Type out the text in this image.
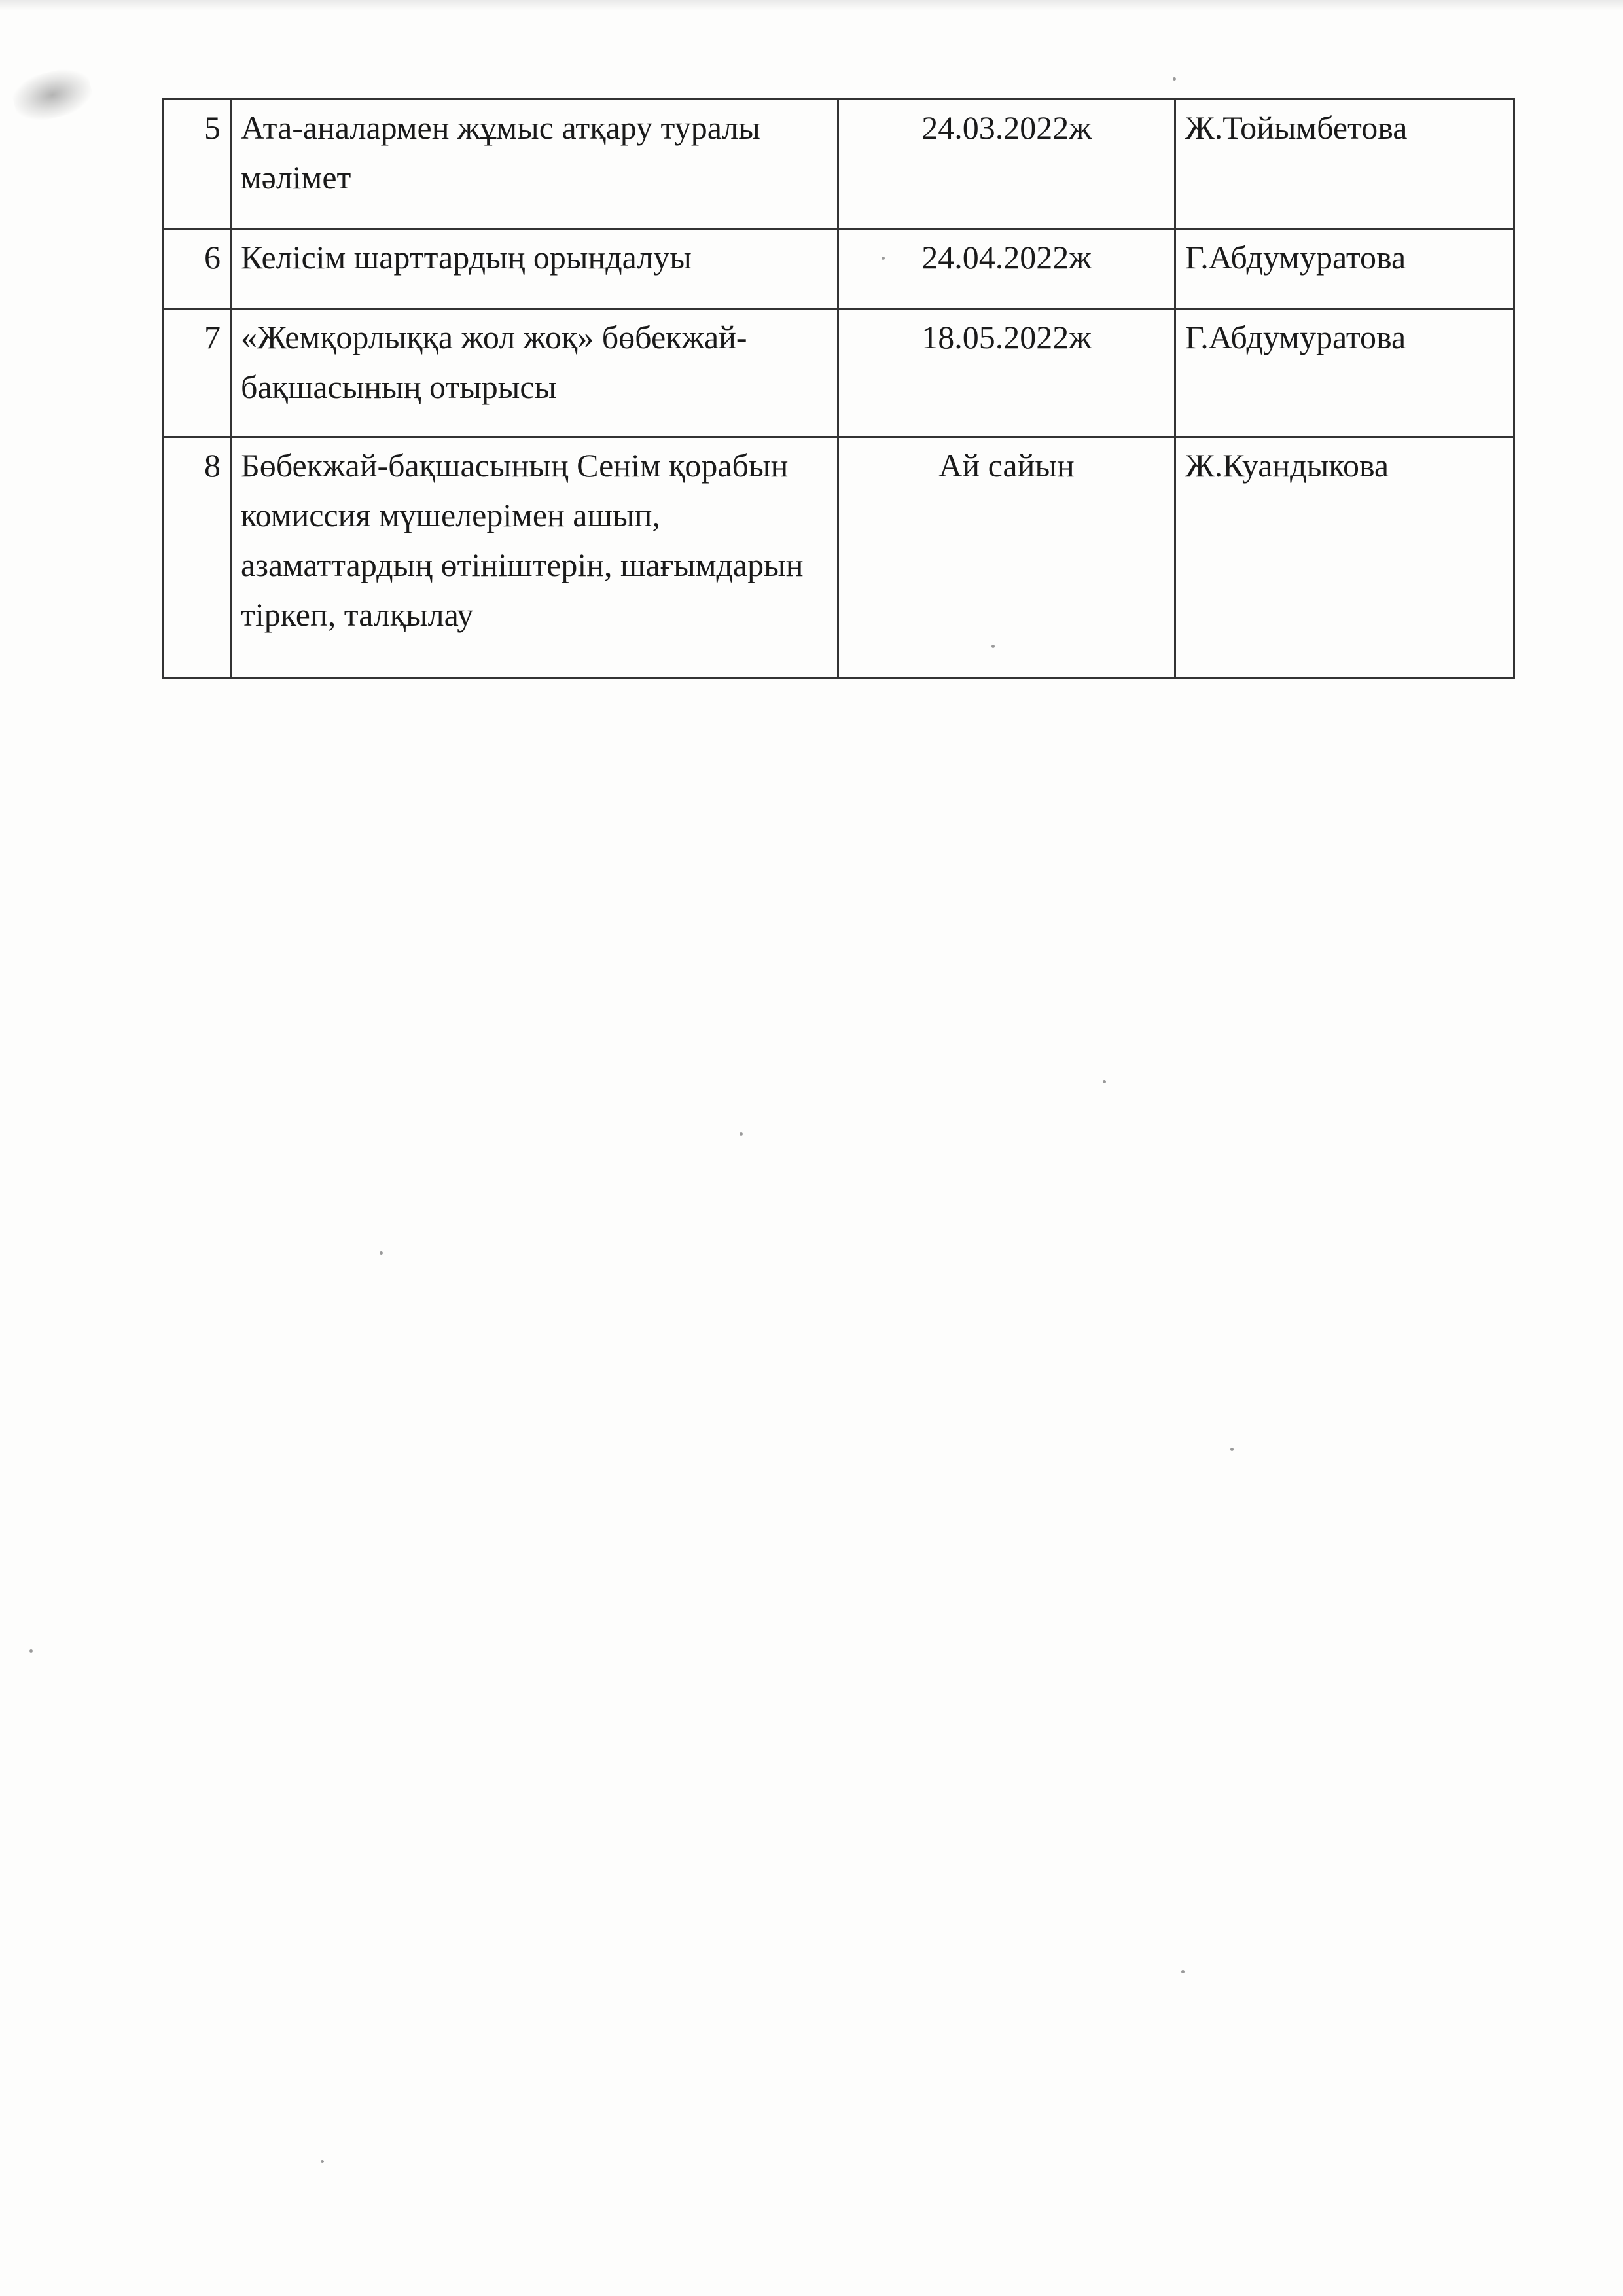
5	Ата-аналармен жұмыс атқару туралы мәлімет	24.03.2022ж	Ж.Тойымбетова
6	Келісім шарттардың орындалуы	24.04.2022ж	Г.Абдумуратова
7	«Жемқорлыққа жол жоқ» бөбекжай-бақшасының отырысы	18.05.2022ж	Г.Абдумуратова
8	Бөбекжай-бақшасының Сенім қорабын комиссия мүшелерімен ашып, азаматтардың өтініштерін, шағымдарын тіркеп, талқылау	Ай сайын	Ж.Куандыкова
